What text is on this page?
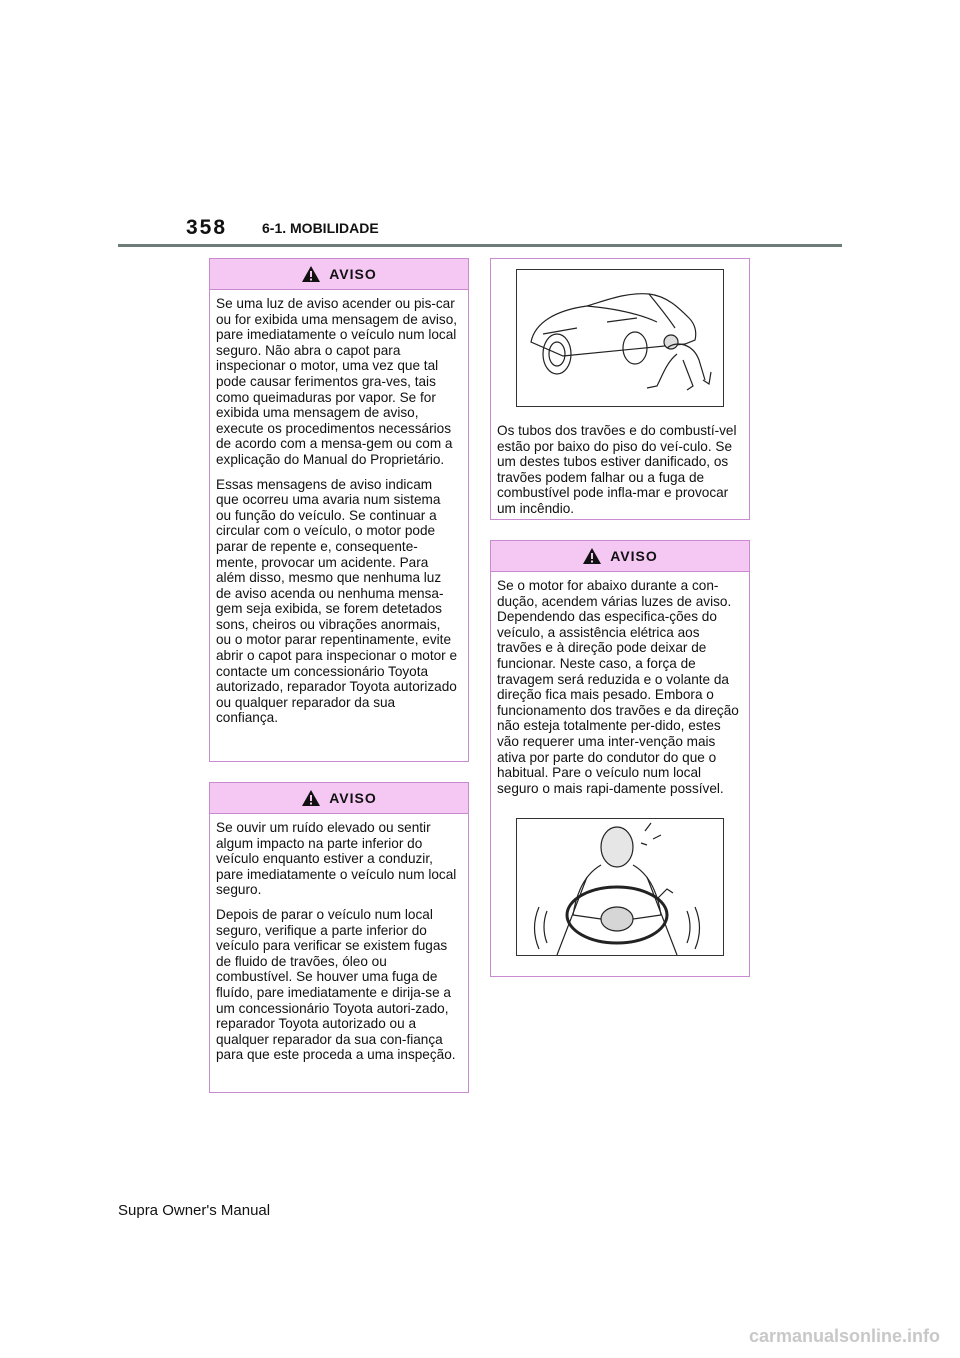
358 6-1. MOBILIDADE
AVISO

Se uma luz de aviso acender ou pis-car ou for exibida uma mensagem de aviso, pare imediatamente o veículo num local seguro. Não abra o capot para inspecionar o motor, uma vez que tal pode causar ferimentos gra-ves, tais como queimaduras por vapor. Se for exibida uma mensagem de aviso, execute os procedimentos necessários de acordo com a mensa-gem ou com a explicação do Manual do Proprietário.

Essas mensagens de aviso indicam que ocorreu uma avaria num sistema ou função do veículo. Se continuar a circular com o veículo, o motor pode parar de repente e, consequente-mente, provocar um acidente. Para além disso, mesmo que nenhuma luz de aviso acenda ou nenhuma mensa-gem seja exibida, se forem detetados sons, cheiros ou vibrações anormais, ou o motor parar repentinamente, evite abrir o capot para inspecionar o motor e contacte um concessionário Toyota autorizado, reparador Toyota autorizado ou qualquer reparador da sua confiança.

AVISO

Se ouvir um ruído elevado ou sentir algum impacto na parte inferior do veículo enquanto estiver a conduzir, pare imediatamente o veículo num local seguro.

Depois de parar o veículo num local seguro, verifique a parte inferior do veículo para verificar se existem fugas de fluido de travões, óleo ou combustível. Se houver uma fuga de fluído, pare imediatamente e dirija-se a um concessionário Toyota autori-zado, reparador Toyota autorizado ou a qualquer reparador da sua con-fiança para que este proceda a uma inspeção.

Os tubos dos travões e do combustí-vel estão por baixo do piso do veí-culo. Se um destes tubos estiver danificado, os travões podem falhar ou a fuga de combustível pode infla-mar e provocar um incêndio.

AVISO

Se o motor for abaixo durante a con-dução, acendem várias luzes de aviso. Dependendo das especifica-ções do veículo, a assistência elétrica aos travões e à direção pode deixar de funcionar. Neste caso, a força de travagem será reduzida e o volante da direção fica mais pesado. Embora o funcionamento dos travões e da direção não esteja totalmente per-dido, estes vão requerer uma inter-venção mais ativa por parte do condutor do que o habitual. Pare o veículo num local seguro o mais rapi-damente possível.

Supra Owner's Manual
carmanualsonline.info
